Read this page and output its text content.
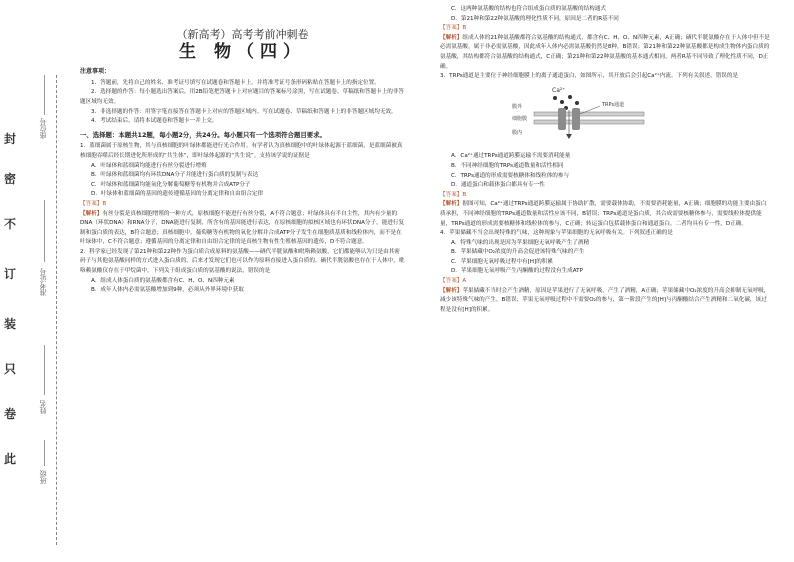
封
密
不
订
装
只
卷
此
座位号
准考证号
姓名
班级
（新高考）高考考前冲刺卷
生 物（四）
注意事项：

1．答题前，先将自己的姓名、准考证号填写在试题卷和答题卡上，并将准考证号条形码粘贴在答题卡上的指定位置。

2．选择题的作答：每小题选出答案后，用2B铅笔把答题卡上对应题目的答案标号涂黑，写在试题卷、草稿纸和答题卡上的非答题区域均无效。

3．非选择题的作答：用签字笔直接答在答题卡上对应的答题区域内。写在试题卷、草稿纸和答题卡上的非答题区域均无效。

4．考试结束后，请将本试题卷和答题卡一并上交。

一、选择题：本题共12题，每小题2分，共24分。每小题只有一个选项符合题目要求。

1．蓝细菌属于原核生物，其与真核细胞的叶绿体都能进行光合作用。有学者认为真核细胞中的叶绿体起源于蓝细菌，是蓝细菌被真核细胞吞噬后经长期进化所形成的“共生体”，即叶绿体起源的“共生说”。支持该学说的证据是

A．叶绿体和蓝细菌均能进行有丝分裂进行增殖

B．叶绿体和蓝细菌均有环状DNA分子并能进行蛋白质的复制与表达

C．叶绿体和蓝细菌均能氧化分解葡萄糖等有机物并合成ATP分子

D．叶绿体和蓝细菌的基因的遗传遵循基因的分离定律和自由组合定律

【答案】B

【解析】有丝分裂是真核细胞增殖的一种方式，原核细胞不能进行有丝分裂，A不符合题意；叶绿体具有半自主性，其内有少量的DNA（环状DNA）和RNA分子，DNA能进行复制，所含有的基因能进行表达，在原核细胞的拟核区域也有环状DNA分子，能进行复制和蛋白质的表达，B符合题意；真核细胞中，葡萄糖等有机物的氧化分解并合成ATP分子发生在细胞质基质和线粒体内，而不是在叶绿体中，C不符合题意；遵循基因的分离定律和自由组合定律的是真核生物有性生殖核基因的遗传，D不符合题意。

2．科学家已经发现了第21种和第22种作为蛋白质合成原料的氨基酸——硒代半胱氨酸和吡咯赖氨酸，它们都能够认为只是由其密码子与其他氨基酸同样的方式进入蛋白质的，后来才发现它们也可以作为原料直接进入蛋白质的。硒代半胱氨酸也存在于人体中，吡咯赖氨酸仅存在于甲烷菌中。下列关于组成蛋白质的氨基酸的说法，错误的是

A．组成人体蛋白质的氨基酸都含有C、H、O、N四种元素

B．成年人体内必需氨基酸增加到9种，必须从外界环境中获取

C．这两种氨基酸的结构也符合组成蛋白质的氨基酸的结构通式

D．第21种和第22种氨基酸的理化性质不同，原因是二者的R基不同

【答案】B

【解析】组成人体的21种氨基酸都符合氨基酸的结构通式，都含有C、H、O、N四种元素，A正确；硒代半胱氨酸存在于人体中但不是必需氨基酸，属于非必需氨基酸，因此成年人体内必需氨基酸仍然是8种，B错误；第21种和第22种氨基酸都是构成生物体内蛋白质的氨基酸，其结构都符合氨基酸的结构通式，C正确；第21种和第22种氨基酸的基本通式相同，两者R基不同导致了理化性质不同，D正确。

3．TRPs通道是主要位于神经细胞膜上的离子通道蛋白，如图所示，其开放后会引起Ca²⁺内流。下列有关叙述，错误的是

Ca²⁺
膜外
细胞膜
膜内
TRPs通道

A．Ca²⁺通过TRPs通道跨膜运输不需要消耗能量

B．不同神经细胞的TRPs通道数量和活性相同

C．TRPs通道的形成需要核糖体和线粒体的参与

D．通道蛋白和载体蛋白都具有专一性

【答案】B

【解析】据图可知，Ca²⁺通过TRPs通道跨膜运输属于协助扩散，需要载体协助，不需要消耗能量，A正确；细胞膜的功能主要由蛋白质承担，不同神经细胞的TRPs通道数量和活性应该不同，B错误；TRPs通道是蛋白质，其合成需要核糖体参与，需要线粒体提供能量，TRPs通道的形成需要核糖体和线粒体的参与，C正确；转运蛋白包括载体蛋白和通道蛋白，二者均具有专一性，D正确。

4．苹果储藏不当会出现特殊的气味，这种现象与苹果细胞的无氧呼吸有关。下列叙述正确的是

A．特殊气味的出现是因为苹果细胞无氧呼吸产生了酒精

B．苹果储藏中O₂浓度的升高会促进该特殊气味的产生

C．苹果细胞无氧呼吸过程中有[H]的积累

D．苹果细胞无氧呼吸产生丙酮酸的过程没有生成ATP

【答案】A

【解析】苹果储藏不当时会产生酒精，原因是苹果进行了无氧呼吸，产生了酒精，A正确；苹果储藏中O₂浓度的升高会抑制无氧呼吸，减少该特殊气味的产生，B错误；苹果无氧呼吸过程中不需要O₂的参与，第一阶段产生的[H]与丙酮酸结合产生酒精和二氧化碳，该过程是没有[H]的积累。
